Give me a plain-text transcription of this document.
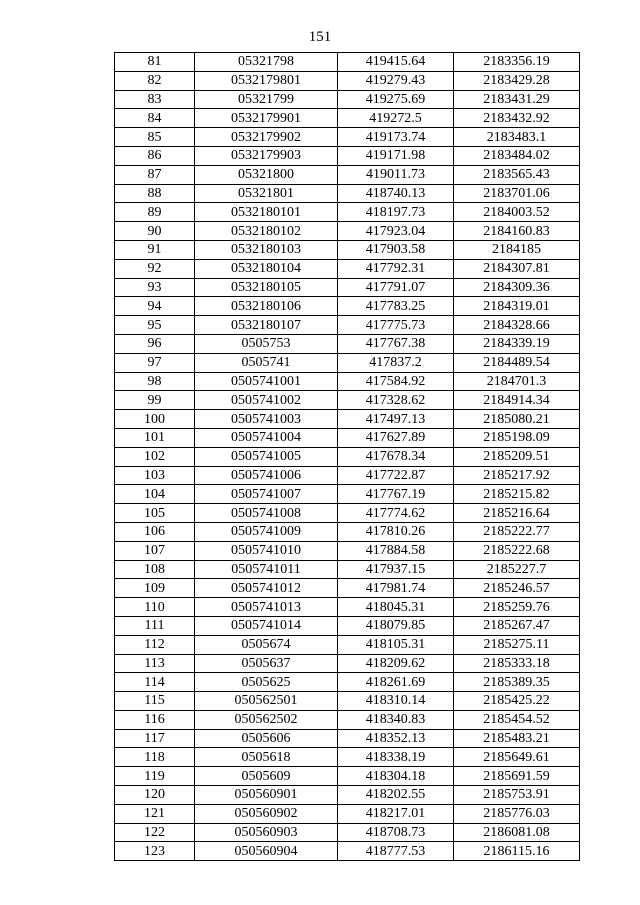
151
81	05321798	419415.64	2183356.19
82	0532179801	419279.43	2183429.28
83	05321799	419275.69	2183431.29
84	0532179901	419272.5	2183432.92
85	0532179902	419173.74	2183483.1
86	0532179903	419171.98	2183484.02
87	05321800	419011.73	2183565.43
88	05321801	418740.13	2183701.06
89	0532180101	418197.73	2184003.52
90	0532180102	417923.04	2184160.83
91	0532180103	417903.58	2184185
92	0532180104	417792.31	2184307.81
93	0532180105	417791.07	2184309.36
94	0532180106	417783.25	2184319.01
95	0532180107	417775.73	2184328.66
96	0505753	417767.38	2184339.19
97	0505741	417837.2	2184489.54
98	0505741001	417584.92	2184701.3
99	0505741002	417328.62	2184914.34
100	0505741003	417497.13	2185080.21
101	0505741004	417627.89	2185198.09
102	0505741005	417678.34	2185209.51
103	0505741006	417722.87	2185217.92
104	0505741007	417767.19	2185215.82
105	0505741008	417774.62	2185216.64
106	0505741009	417810.26	2185222.77
107	0505741010	417884.58	2185222.68
108	0505741011	417937.15	2185227.7
109	0505741012	417981.74	2185246.57
110	0505741013	418045.31	2185259.76
111	0505741014	418079.85	2185267.47
112	0505674	418105.31	2185275.11
113	0505637	418209.62	2185333.18
114	0505625	418261.69	2185389.35
115	050562501	418310.14	2185425.22
116	050562502	418340.83	2185454.52
117	0505606	418352.13	2185483.21
118	0505618	418338.19	2185649.61
119	0505609	418304.18	2185691.59
120	050560901	418202.55	2185753.91
121	050560902	418217.01	2185776.03
122	050560903	418708.73	2186081.08
123	050560904	418777.53	2186115.16
